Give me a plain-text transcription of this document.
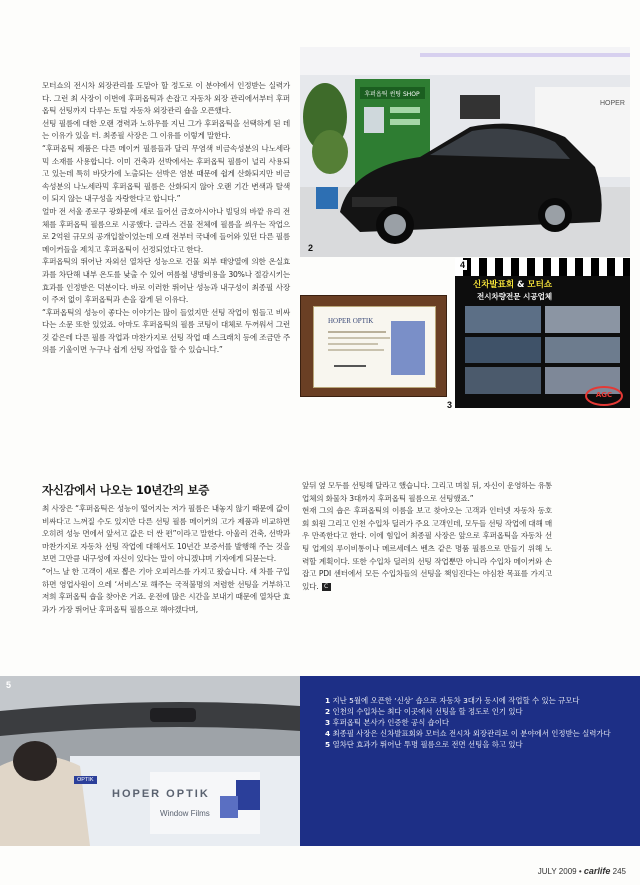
모터쇼의 전시차 외장관리를 도맡아 할 정도로 이 분야에서 인정받는 실력가다. 그런 최 사장이 이번에 후퍼옵틱과 손잡고 자동차 외장 관리에서부터 후퍼옵틱 선팅까지 다루는 토털 자동차 외장관리 숍을 오픈했다.

선팅 필름에 대한 오랜 경력과 노하우를 지닌 그가 후퍼옵틱을 선택하게 된 데는 이유가 있을 터. 최종필 사장은 그 이유를 이렇게 말한다.

“후퍼옵틱 제품은 다른 메이커 필름들과 달리 무염색 비금속성분의 나노세라믹 소재를 사용합니다. 이미 건축과 선박에서는 후퍼옵틱 필름이 널리 사용되고 있는데 특히 바닷가에 노출되는 선박은 염분 때문에 쉽게 산화되지만 비금속성분의 나노세라믹 후퍼옵틱 필름은 산화되지 않아 오랜 기간 변색과 탈색이 되지 않는 내구성을 자랑한다고 합니다.”

얼마 전 서울 종로구 광화문에 새로 들어선 금호아시아나 빌딩의 바깥 유리 전체를 후퍼옵틱 필름으로 시공했다. 글라스 건물 전체에 필름을 씌우는 작업으로 2억원 규모의 공개입찰이었는데 오래 전부터 국내에 들어와 있던 다른 필름 메이커들을 제치고 후퍼옵틱이 선정되었다고 한다.

후퍼옵틱의 뛰어난 자외선 열차단 성능으로 건물 외부 태양열에 의한 온실효과를 차단해 내부 온도를 낮출 수 있어 여름철 냉방비용을 30%나 절감시키는 효과를 인정받은 덕분이다. 바로 이러한 뛰어난 성능과 내구성이 최종필 사장이 주저 없이 후퍼옵틱과 손을 잡게 된 이유다.

“후퍼옵틱의 성능이 좋다는 이야기는 많이 들었지만 선팅 작업이 힘들고 비싸다는 소문 또한 있었죠. 아마도 후퍼옵틱의 필름 코팅이 대체로 두꺼워서 그런 것 같은데 다른 필름 작업과 마찬가지로 선팅 작업 때 스크래치 등에 조금만 주의를 기울이면 누구나 쉽게 선팅 작업을 할 수 있습니다.”

자신감에서 나오는 10년간의 보증

최 사장은 “후퍼옵틱은 성능이 떨어지는 저가 필름은 내놓지 않기 때문에 값이 비싸다고 느껴질 수도 있지만 다른 선팅 필름 메이커의 고가 제품과 비교하면 오히려 성능 면에서 앞서고 값은 더 싼 편”이라고 말한다. 아울러 건축, 선박과 마찬가지로 자동차 선팅 작업에 대해서도 10년간 보증서를 발행해 주는 것을 보면 그만큼 내구성에 자신이 있다는 말이 아니겠냐며 기자에게 되묻는다.

“어느 날 한 고객이 새로 뽑은 기아 오피러스를 가지고 왔습니다. 새 차를 구입하면 영업사원이 으레 ‘서비스’로 해주는 국적불명의 저렴한 선팅을 거부하고 저희 후퍼옵틱 숍을 찾아온 거죠. 운전에 많은 시간을 보내기 때문에 열차단 효과가 가장 뛰어난 후퍼옵틱 필름으로 해야겠다며,

앞뒤 옆 모두를 선팅해 달라고 했습니다. 그리고 며칠 뒤, 자신이 운영하는 유통업체의 화물차 3대까지 후퍼옵틱 필름으로 선팅했죠.”

현재 그의 숍은 후퍼옵틱의 이름을 보고 찾아오는 고객과 인터넷 자동차 동호회 회원 그리고 인천 수입차 딜러가 주요 고객인데, 모두들 선팅 작업에 대해 매우 만족한다고 한다. 이에 힘입어 최종필 사장은 앞으로 후퍼옵틱을 자동차 선팅 업계의 루이비통이나 메르세데스 벤츠 같은 명품 필름으로 만들기 위해 노력할 계획이다. 또한 수입차 딜러의 선팅 작업뿐만 아니라 수입차 메이커와 손잡고 PDI 센터에서 모든 수입차들의 선팅을 책임진다는 야심찬 목표를 가지고 있다. C

후퍼옵틱 썬팅 SHOP
HOPER
2
HOPER OPTIK
3
신차발표회 & 모터쇼
전시차량전문 시공업체
AGC
4
HOPER OPTIK
Window Films
OPTIK
5
1 지난 5월에 오픈한 ‘신상’ 숍으로 자동차 3대가 동시에 작업할 수 있는 규모다
2 인천의 수입차는 최다 이곳에서 선팅을 할 정도로 인기 있다
3 후퍼옵틱 본사가 인증한 공식 숍이다
4 최종필 사장은 신차발표회와 모터쇼 전시차 외장관리로 이 분야에서 인정받는 실력가다
5 열차단 효과가 뛰어난 투명 필름으로 전면 선팅을 하고 있다
JULY 2009 • carlife 245
